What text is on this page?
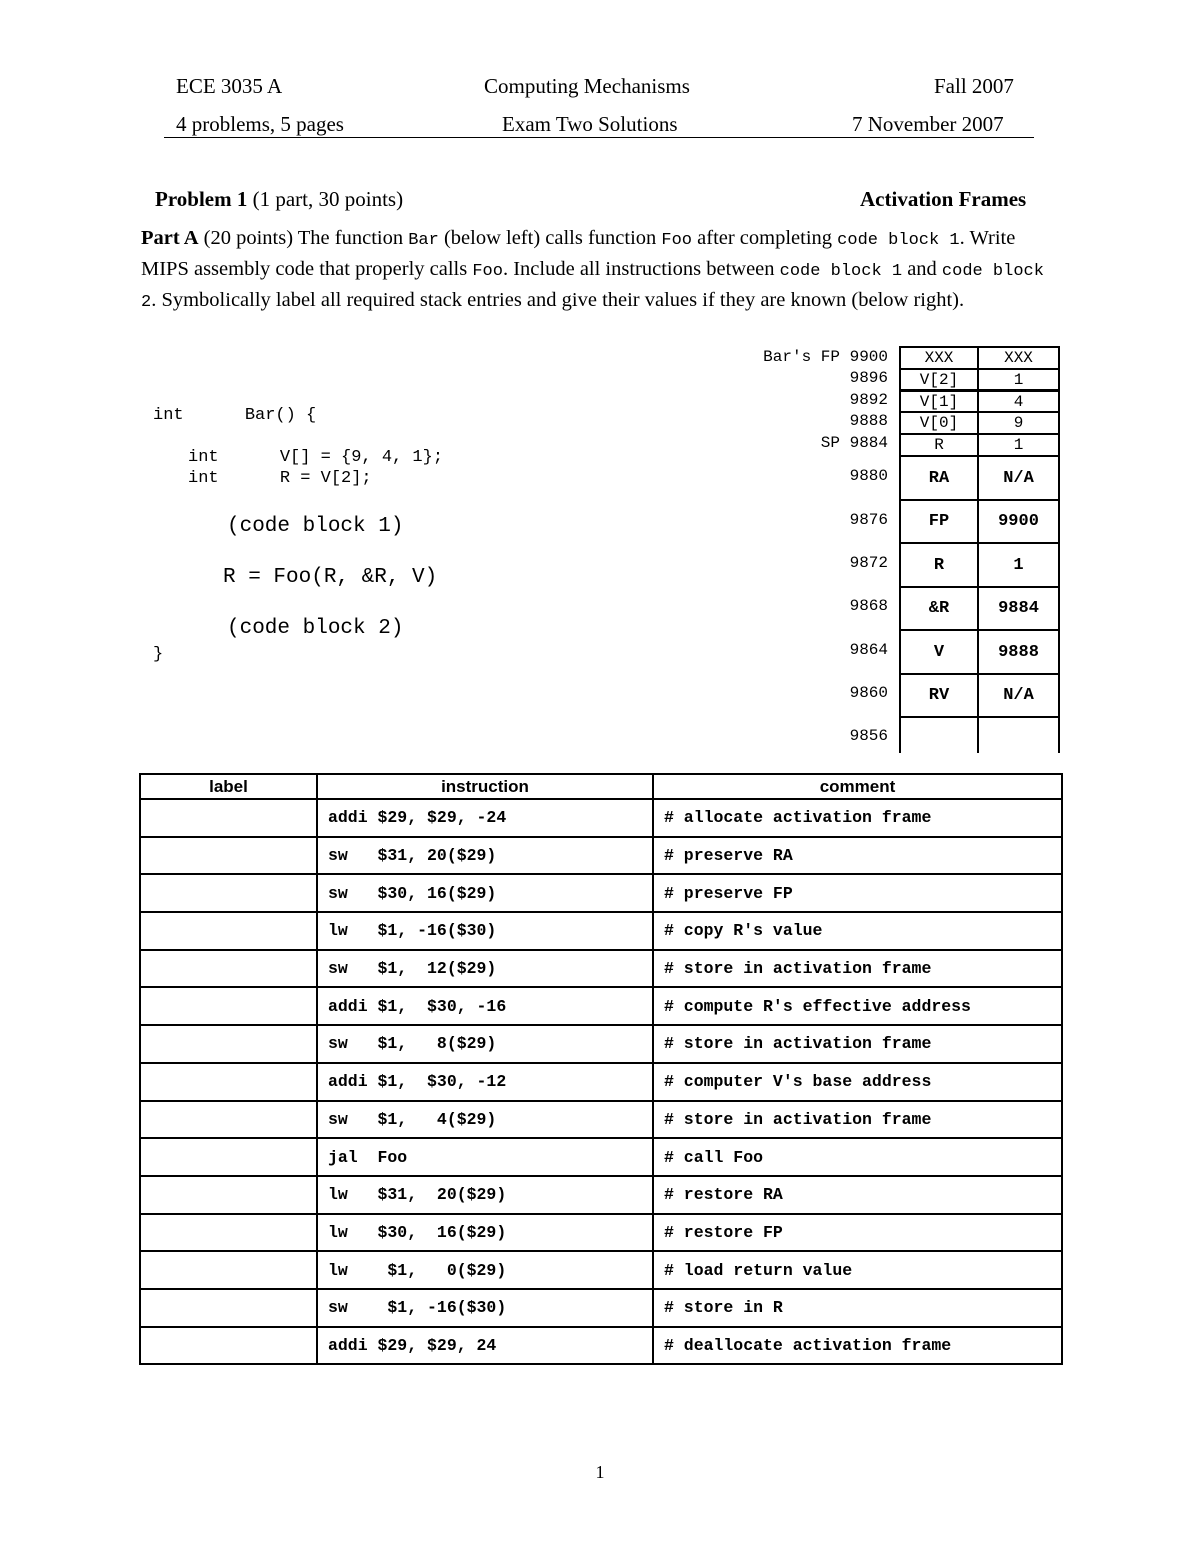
ECE 3035 A	Computing Mechanisms	Fall 2007
4 problems, 5 pages	Exam Two Solutions	7 November 2007
Problem 1 (1 part, 30 points)	Activation Frames
Part A (20 points) The function Bar (below left) calls function Foo after completing code block 1. Write MIPS assembly code that properly calls Foo. Include all instructions between code block 1 and code block 2. Symbolically label all required stack entries and give their values if they are known (below right).
int      Bar() {
int      V[] = {9, 4, 1};
int      R = V[2];
(code block 1)
R = Foo(R, &R, V)
(code block 2)
}
Bar's FP 9900	XXX	XXX
9896	V[2]	1
9892	V[1]	4
9888	V[0]	9
SP 9884	R	1
9880	RA	N/A
9876	FP	9900
9872	R	1
9868	&R	9884
9864	V	9888
9860	RV	N/A
9856
label	instruction	comment
	addi $29, $29, -24	# allocate activation frame
	sw   $31, 20($29)	# preserve RA
	sw   $30, 16($29)	# preserve FP
	lw   $1, -16($30)	# copy R's value
	sw   $1,  12($29)	# store in activation frame
	addi $1,  $30, -16	# compute R's effective address
	sw   $1,   8($29)	# store in activation frame
	addi $1,  $30, -12	# computer V's base address
	sw   $1,   4($29)	# store in activation frame
	jal  Foo	# call Foo
	lw   $31,  20($29)	# restore RA
	lw   $30,  16($29)	# restore FP
	lw    $1,   0($29)	# load return value
	sw    $1, -16($30)	# store in R
	addi $29, $29, 24	# deallocate activation frame
1
